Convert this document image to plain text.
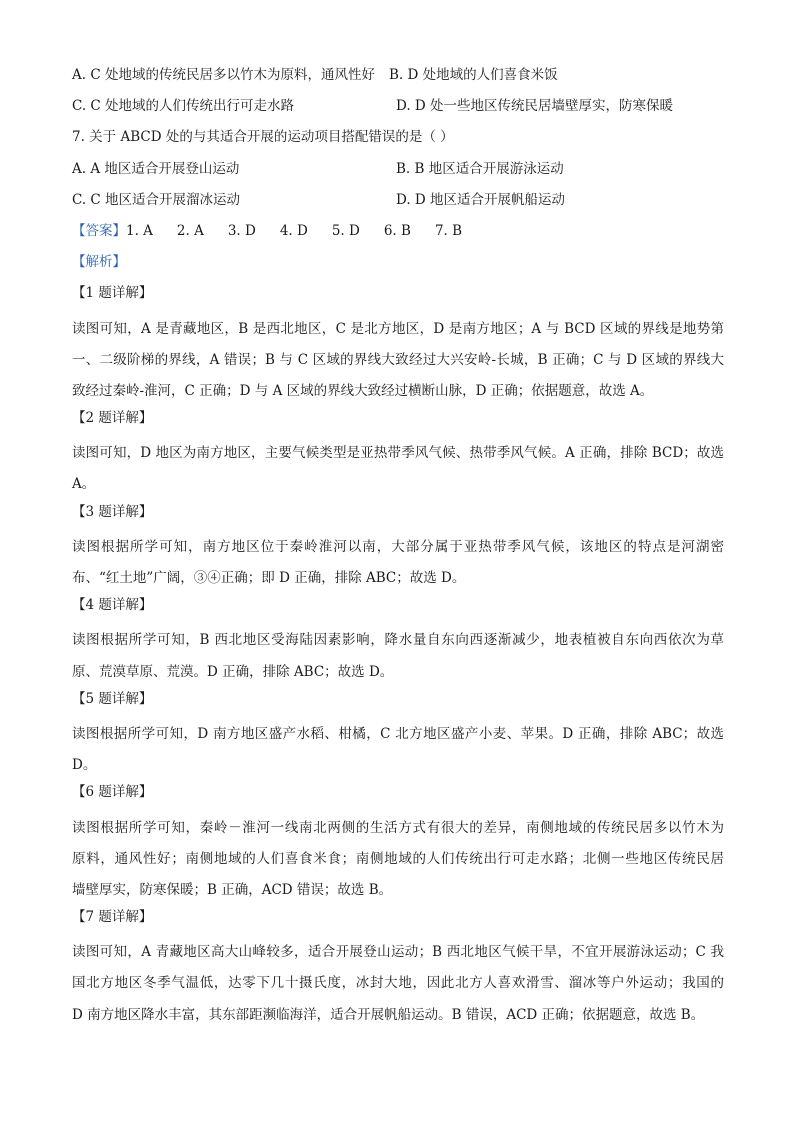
A. C 处地域的传统民居多以竹木为原料，通风性好 B. D 处地域的人们喜食米饭
C. C 处地域的人们传统出行可走水路	D. D 处一些地区传统民居墙壁厚实，防寒保暖
7. 关于 ABCD 处的与其适合开展的运动项目搭配错误的是（ ）
A. A 地区适合开展登山运动	B. B 地区适合开展游泳运动
C. C 地区适合开展溜冰运动	D. D 地区适合开展帆船运动
【答案】1. A 2. A 3. D 4. D 5. D 6. B 7. B
【解析】
【1 题详解】
读图可知，A 是青藏地区，B 是西北地区，C 是北方地区，D 是南方地区；A 与 BCD 区域的界线是地势第
一、二级阶梯的界线，A 错误；B 与 C 区域的界线大致经过大兴安岭-长城，B 正确；C 与 D 区域的界线大
致经过秦岭-淮河，C 正确；D 与 A 区域的界线大致经过横断山脉，D 正确；依据题意，故选 A。
【2 题详解】
读图可知，D 地区为南方地区，主要气候类型是亚热带季风气候、热带季风气候。A 正确，排除 BCD；故选
A。
【3 题详解】
读图根据所学可知，南方地区位于秦岭淮河以南，大部分属于亚热带季风气候，该地区的特点是河湖密
布、“红土地”广阔，③④正确；即 D 正确，排除 ABC；故选 D。
【4 题详解】
读图根据所学可知，B 西北地区受海陆因素影响，降水量自东向西逐渐减少，地表植被自东向西依次为草
原、荒漠草原、荒漠。D 正确，排除 ABC；故选 D。
【5 题详解】
读图根据所学可知，D 南方地区盛产水稻、柑橘，C 北方地区盛产小麦、苹果。D 正确，排除 ABC；故选
D。
【6 题详解】
读图根据所学可知，秦岭－淮河一线南北两侧的生活方式有很大的差异，南侧地域的传统民居多以竹木为
原料，通风性好；南侧地域的人们喜食米食；南侧地域的人们传统出行可走水路；北侧一些地区传统民居
墙壁厚实，防寒保暖；B 正确，ACD 错误；故选 B。
【7 题详解】
读图可知，A 青藏地区高大山峰较多，适合开展登山运动；B 西北地区气候干旱，不宜开展游泳运动；C 我
国北方地区冬季气温低，达零下几十摄氏度，冰封大地，因此北方人喜欢滑雪、溜冰等户外运动；我国的
D 南方地区降水丰富，其东部距濒临海洋，适合开展帆船运动。B 错误，ACD 正确；依据题意，故选 B。
